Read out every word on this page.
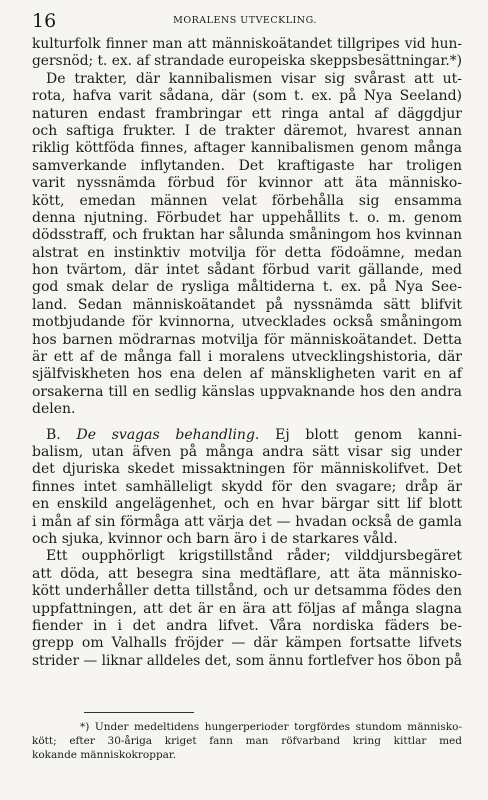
16	MORALENS UTVECKLING.
kulturfolk finner man att människoätandet tillgripes vid hun-
gersnöd; t. ex. af strandade europeiska skeppsbesättningar.*)
De trakter, där kannibalismen visar sig svårast att ut-
rota, hafva varit sådana, där (som t. ex. på Nya Seeland)
naturen endast frambringar ett ringa antal af däggdjur
och saftiga frukter. I de trakter däremot, hvarest annan
riklig köttföda finnes, aftager kannibalismen genom många
samverkande inflytanden. Det kraftigaste har troligen
varit nyssnämda förbud för kvinnor att äta människo-
kött, emedan männen velat förbehålla sig ensamma
denna njutning. Förbudet har uppehållits t. o. m. genom
dödsstraff, och fruktan har sålunda småningom hos kvinnan
alstrat en instinktiv motvilja för detta födoämne, medan
hon tvärtom, där intet sådant förbud varit gällande, med
god smak delar de rysliga måltiderna t. ex. på Nya See-
land. Sedan människoätandet på nyssnämda sätt blifvit
motbjudande för kvinnorna, utvecklades också småningom
hos barnen mödrarnas motvilja för människoätandet. Detta
är ett af de många fall i moralens utvecklingshistoria, där
själfviskheten hos ena delen af mänskligheten varit en af
orsakerna till en sedlig känslas uppvaknande hos den andra
delen.
B. De svagas behandling. Ej blott genom kanni-
balism, utan äfven på många andra sätt visar sig under
det djuriska skedet missaktningen för människolifvet. Det
finnes intet samhälleligt skydd för den svagare; dråp är
en enskild angelägenhet, och en hvar bärgar sitt lif blott
i mån af sin förmåga att värja det — hvadan också de gamla
och sjuka, kvinnor och barn äro i de starkares våld.
Ett oupphörligt krigstillstånd råder; vilddjursbegäret
att döda, att besegra sina medtäflare, att äta människo-
kött underhåller detta tillstånd, och ur detsamma födes den
uppfattningen, att det är en ära att följas af många slagna
fiender in i det andra lifvet. Våra nordiska fäders be-
grepp om Valhalls fröjder — där kämpen fortsatte lifvets
strider — liknar alldeles det, som ännu fortlefver hos öbon på
*) Under medeltidens hungerperioder torgfördes stundom människo-
kött; efter 30-åriga kriget fann man röfvarband kring kittlar med
kokande människokroppar.
